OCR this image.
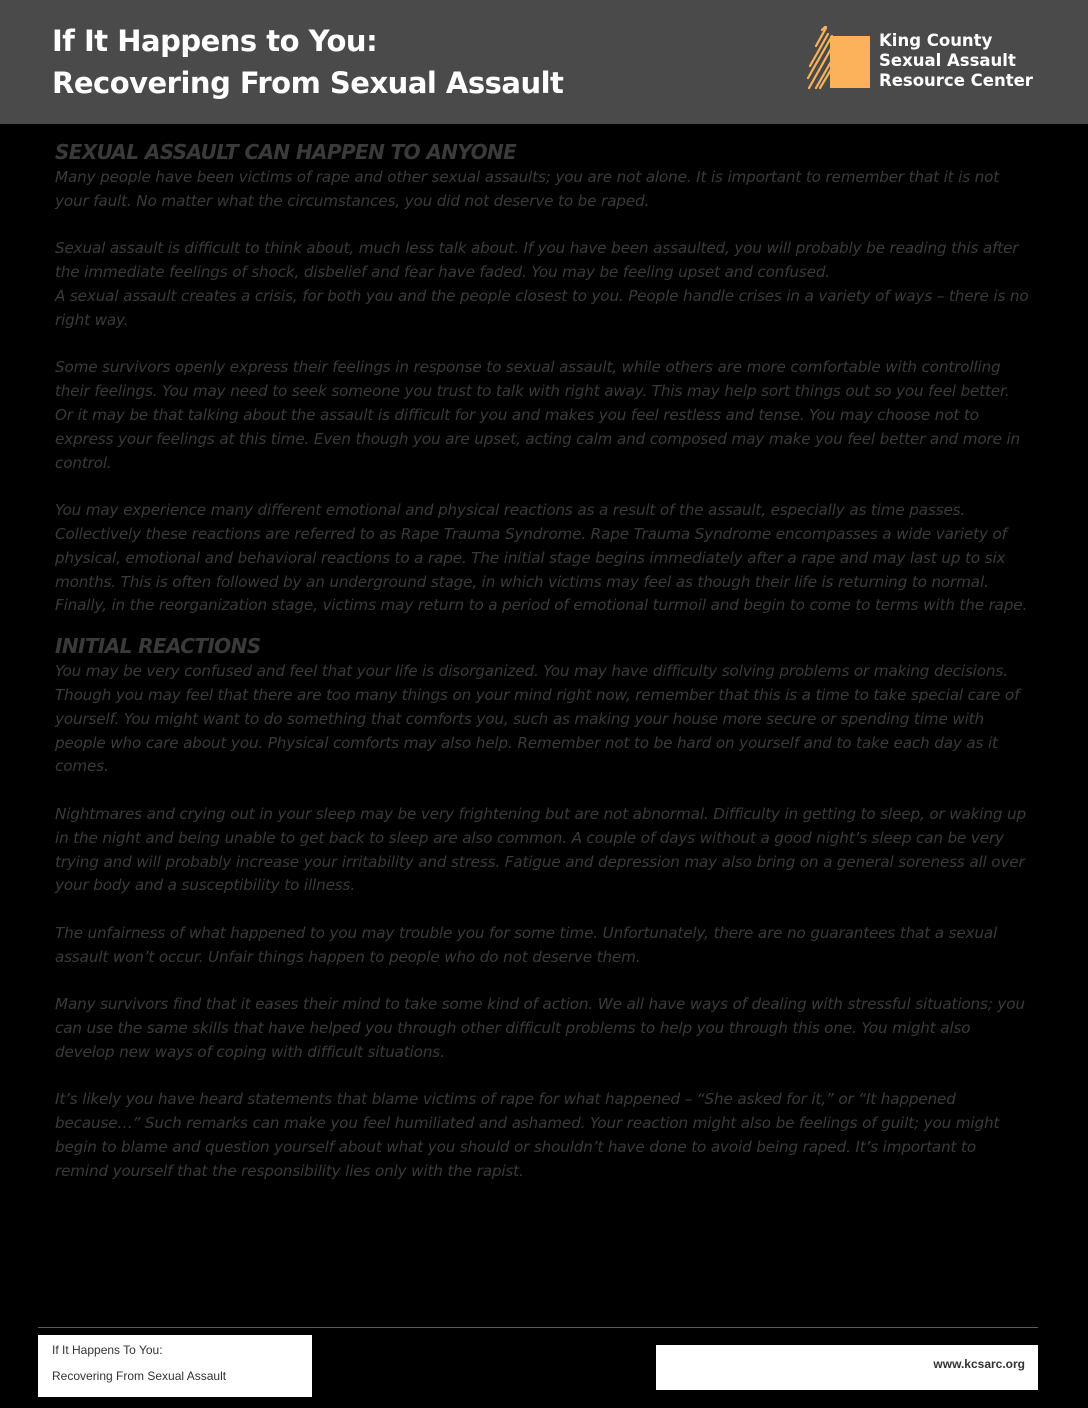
If It Happens to You:
Recovering From Sexual Assault
King County
Sexual Assault
Resource Center
SEXUAL ASSAULT CAN HAPPEN TO ANYONE

Many people have been victims of rape and other sexual assaults; you are not alone. It is important to remember that it is not your fault. No matter what the circumstances, you did not deserve to be raped.

Sexual assault is difficult to think about, much less talk about. If you have been assaulted, you will probably be reading this after the immediate feelings of shock, disbelief and fear have faded. You may be feeling upset and confused.

A sexual assault creates a crisis, for both you and the people closest to you. People handle crises in a variety of ways – there is no right way.

Some survivors openly express their feelings in response to sexual assault, while others are more comfortable with controlling their feelings. You may need to seek someone you trust to talk with right away. This may help sort things out so you feel better. Or it may be that talking about the assault is difficult for you and makes you feel restless and tense. You may choose not to express your feelings at this time. Even though you are upset, acting calm and composed may make you feel better and more in control.

You may experience many different emotional and physical reactions as a result of the assault, especially as time passes. Collectively these reactions are referred to as Rape Trauma Syndrome. Rape Trauma Syndrome encompasses a wide variety of physical, emotional and behavioral reactions to a rape. The initial stage begins immediately after a rape and may last up to six months. This is often followed by an underground stage, in which victims may feel as though their life is returning to normal. Finally, in the reorganization stage, victims may return to a period of emotional turmoil and begin to come to terms with the rape.

INITIAL REACTIONS

You may be very confused and feel that your life is disorganized. You may have difficulty solving problems or making decisions. Though you may feel that there are too many things on your mind right now, remember that this is a time to take special care of yourself. You might want to do something that comforts you, such as making your house more secure or spending time with people who care about you. Physical comforts may also help. Remember not to be hard on yourself and to take each day as it comes.

Nightmares and crying out in your sleep may be very frightening but are not abnormal. Difficulty in getting to sleep, or waking up in the night and being unable to get back to sleep are also common. A couple of days without a good night’s sleep can be very trying and will probably increase your irritability and stress. Fatigue and depression may also bring on a general soreness all over your body and a susceptibility to illness.

The unfairness of what happened to you may trouble you for some time. Unfortunately, there are no guarantees that a sexual assault won’t occur. Unfair things happen to people who do not deserve them.

Many survivors find that it eases their mind to take some kind of action. We all have ways of dealing with stressful situations; you can use the same skills that have helped you through other difficult problems to help you through this one. You might also develop new ways of coping with difficult situations.

It’s likely you have heard statements that blame victims of rape for what happened – “She asked for it,” or “It happened because…” Such remarks can make you feel humiliated and ashamed. Your reaction might also be feelings of guilt; you might begin to blame and question yourself about what you should or shouldn’t have done to avoid being raped. It’s important to remind yourself that the responsibility lies only with the rapist.

If It Happens To You:
Recovering From Sexual Assault
www.kcsarc.org
